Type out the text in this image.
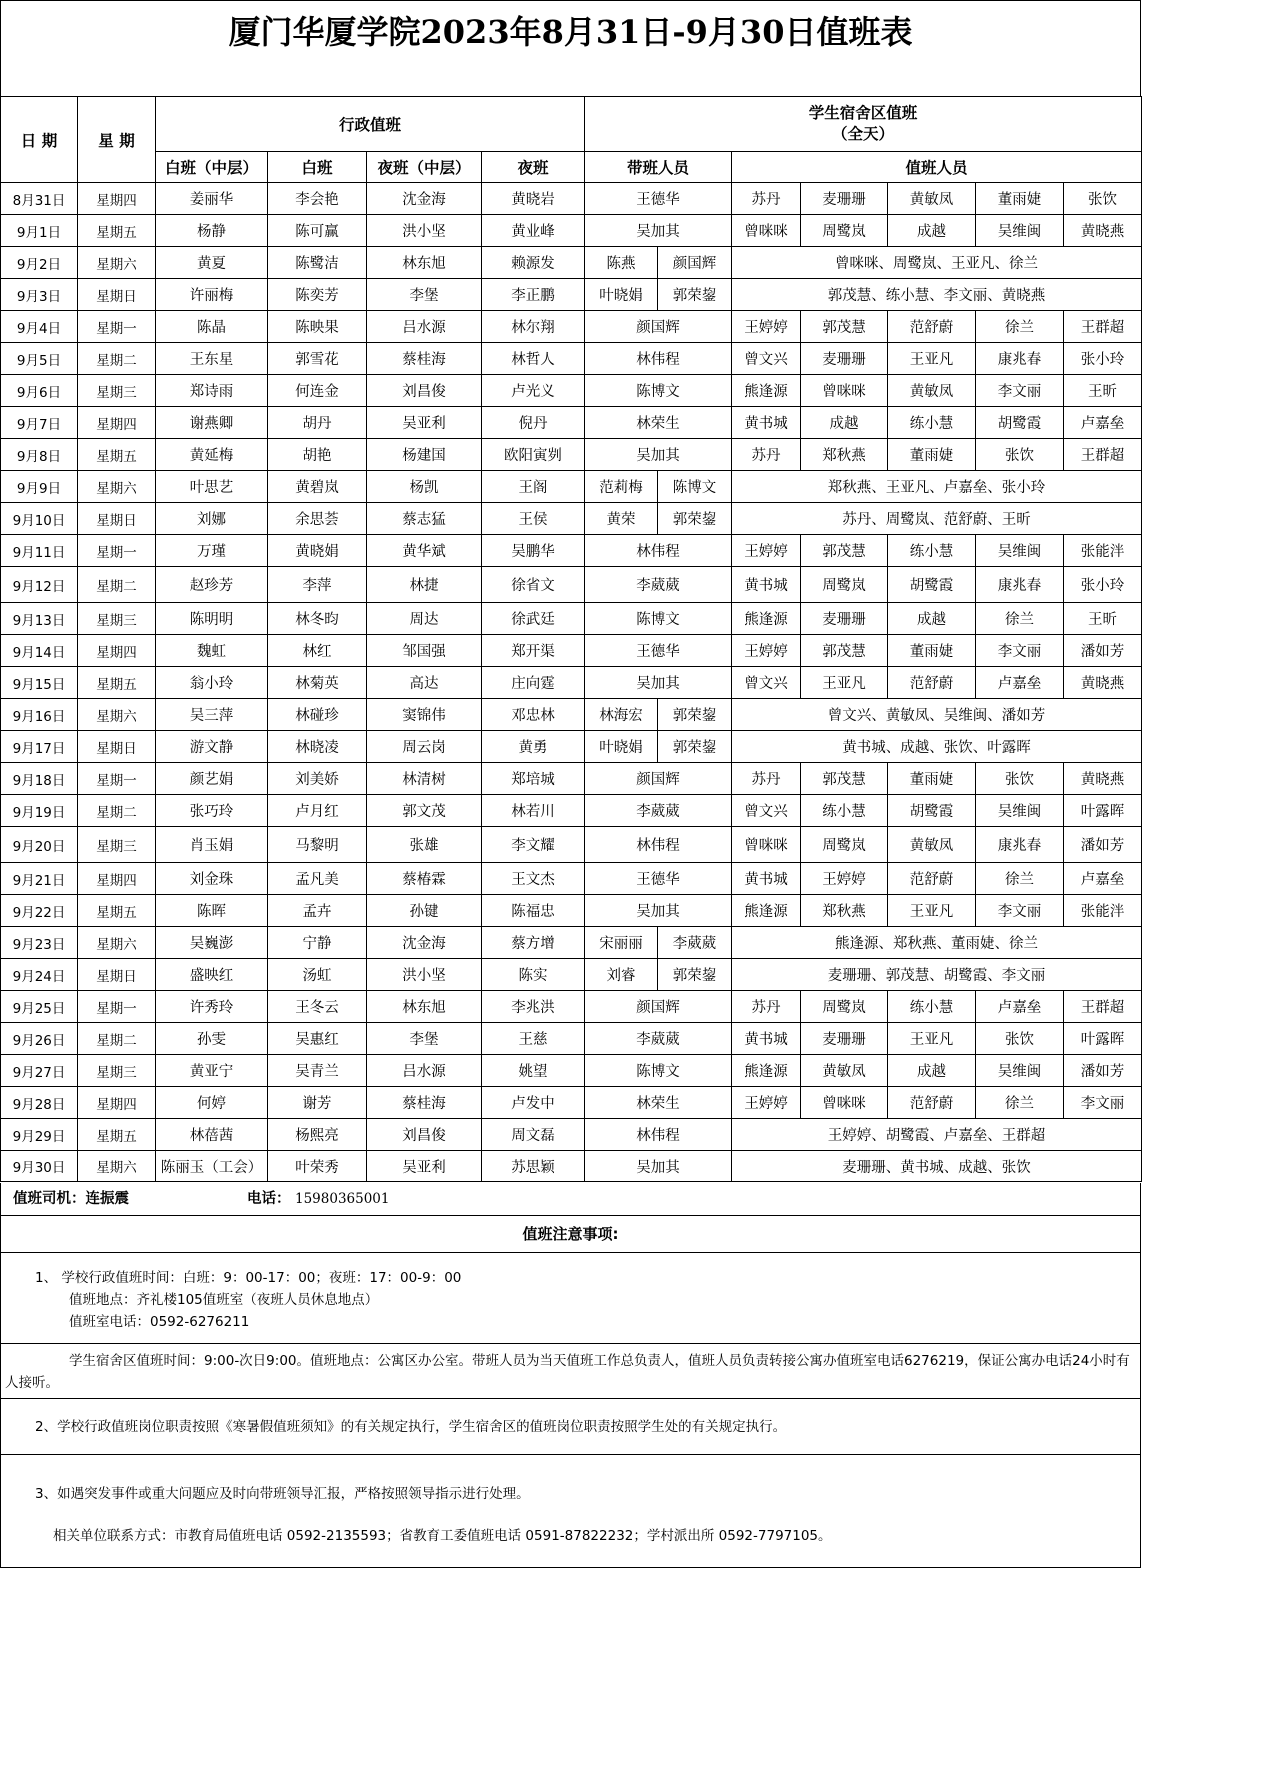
厦门华厦学院2023年8月31日-9月30日值班表
日 期	星 期	行政值班				学生宿舍区值班
（全天）						

		白班（中层）	白班	夜班（中层）	夜班	带班人员		值班人员				
8月31日	星期四	姜丽华	李会艳	沈金海	黄晓岩	王德华		苏丹	麦珊珊	黄敏凤	董雨婕	张饮
9月1日	星期五	杨静	陈可赢	洪小坚	黄业峰	吴加其		曾咪咪	周鹭岚	成越	吴维闽	黄晓燕
9月2日	星期六	黄夏	陈鹭洁	林东旭	赖源发	陈燕	颜国辉	曾咪咪、周鹭岚、王亚凡、徐兰				
9月3日	星期日	许丽梅	陈奕芳	李堡	李正鹏	叶晓娟	郭荣鋆	郭茂慧、练小慧、李文丽、黄晓燕				
9月4日	星期一	陈晶	陈映果	吕水源	林尔翔	颜国辉		王婷婷	郭茂慧	范舒蔚	徐兰	王群超
9月5日	星期二	王东星	郭雪花	蔡桂海	林哲人	林伟程		曾文兴	麦珊珊	王亚凡	康兆春	张小玲
9月6日	星期三	郑诗雨	何连金	刘昌俊	卢光义	陈博文		熊逢源	曾咪咪	黄敏凤	李文丽	王昕
9月7日	星期四	谢燕卿	胡丹	吴亚利	倪丹	林荣生		黄书城	成越	练小慧	胡鹭霞	卢嘉垒
9月8日	星期五	黄延梅	胡艳	杨建国	欧阳寅刿	吴加其		苏丹	郑秋燕	董雨婕	张饮	王群超
9月9日	星期六	叶思艺	黄碧岚	杨凯	王阁	范莉梅	陈博文	郑秋燕、王亚凡、卢嘉垒、张小玲				
9月10日	星期日	刘娜	余思荟	蔡志猛	王侯	黄荣	郭荣鋆	苏丹、周鹭岚、范舒蔚、王昕				
9月11日	星期一	万瑾	黄晓娟	黄华斌	吴鹏华	林伟程		王婷婷	郭茂慧	练小慧	吴维闽	张能泮
9月12日	星期二	赵珍芳	李萍	林捷	徐省文	李葳葳		黄书城	周鹭岚	胡鹭霞	康兆春	张小玲
9月13日	星期三	陈明明	林冬昀	周达	徐武廷	陈博文		熊逢源	麦珊珊	成越	徐兰	王昕
9月14日	星期四	魏虹	林红	邹国强	郑开渠	王德华		王婷婷	郭茂慧	董雨婕	李文丽	潘如芳
9月15日	星期五	翁小玲	林菊英	高达	庄向霆	吴加其		曾文兴	王亚凡	范舒蔚	卢嘉垒	黄晓燕
9月16日	星期六	吴三萍	林碰珍	窦锦伟	邓忠林	林海宏	郭荣鋆	曾文兴、黄敏凤、吴维闽、潘如芳				
9月17日	星期日	游文静	林晓凌	周云岗	黄勇	叶晓娟	郭荣鋆	黄书城、成越、张饮、叶露晖				
9月18日	星期一	颜艺娟	刘美娇	林清树	郑培城	颜国辉		苏丹	郭茂慧	董雨婕	张饮	黄晓燕
9月19日	星期二	张巧玲	卢月红	郭文茂	林若川	李葳葳		曾文兴	练小慧	胡鹭霞	吴维闽	叶露晖
9月20日	星期三	肖玉娟	马黎明	张雄	李文耀	林伟程		曾咪咪	周鹭岚	黄敏凤	康兆春	潘如芳
9月21日	星期四	刘金珠	孟凡美	蔡椿霖	王文杰	王德华		黄书城	王婷婷	范舒蔚	徐兰	卢嘉垒
9月22日	星期五	陈晖	孟卉	孙键	陈福忠	吴加其		熊逢源	郑秋燕	王亚凡	李文丽	张能泮
9月23日	星期六	吴巍澎	宁静	沈金海	蔡方增	宋丽丽	李葳葳	熊逢源、郑秋燕、董雨婕、徐兰				
9月24日	星期日	盛映红	汤虹	洪小坚	陈实	刘睿	郭荣鋆	麦珊珊、郭茂慧、胡鹭霞、李文丽				
9月25日	星期一	许秀玲	王冬云	林东旭	李兆洪	颜国辉		苏丹	周鹭岚	练小慧	卢嘉垒	王群超
9月26日	星期二	孙雯	吴惠红	李堡	王慈	李葳葳		黄书城	麦珊珊	王亚凡	张饮	叶露晖
9月27日	星期三	黄亚宁	吴青兰	吕水源	姚望	陈博文		熊逢源	黄敏凤	成越	吴维闽	潘如芳
9月28日	星期四	何婷	谢芳	蔡桂海	卢发中	林荣生		王婷婷	曾咪咪	范舒蔚	徐兰	李文丽
9月29日	星期五	林蓓茜	杨熙亮	刘昌俊	周文磊	林伟程		王婷婷、胡鹭霞、卢嘉垒、王群超				
9月30日	星期六	陈丽玉（工会）	叶荣秀	吴亚利	苏思颖	吴加其		麦珊珊、黄书城、成越、张饮				
值班司机：连振震	电话： 15980365001
值班注意事项:
1、 学校行政值班时间：白班：9：00-17：00；夜班：17：00-9：00
值班地点：齐礼楼105值班室（夜班人员休息地点）
值班室电话：0592-6276211
学生宿舍区值班时间：9:00-次日9:00。值班地点：公寓区办公室。带班人员为当天值班工作总负责人，值班人员负责转接公寓办值班室电话6276219，保证公寓办电话24小时有人接听。
2、学校行政值班岗位职责按照《寒暑假值班须知》的有关规定执行，学生宿舍区的值班岗位职责按照学生处的有关规定执行。
3、如遇突发事件或重大问题应及时向带班领导汇报，严格按照领导指示进行处理。
相关单位联系方式：市教育局值班电话 0592-2135593；省教育工委值班电话 0591-87822232；学村派出所 0592-7797105。
